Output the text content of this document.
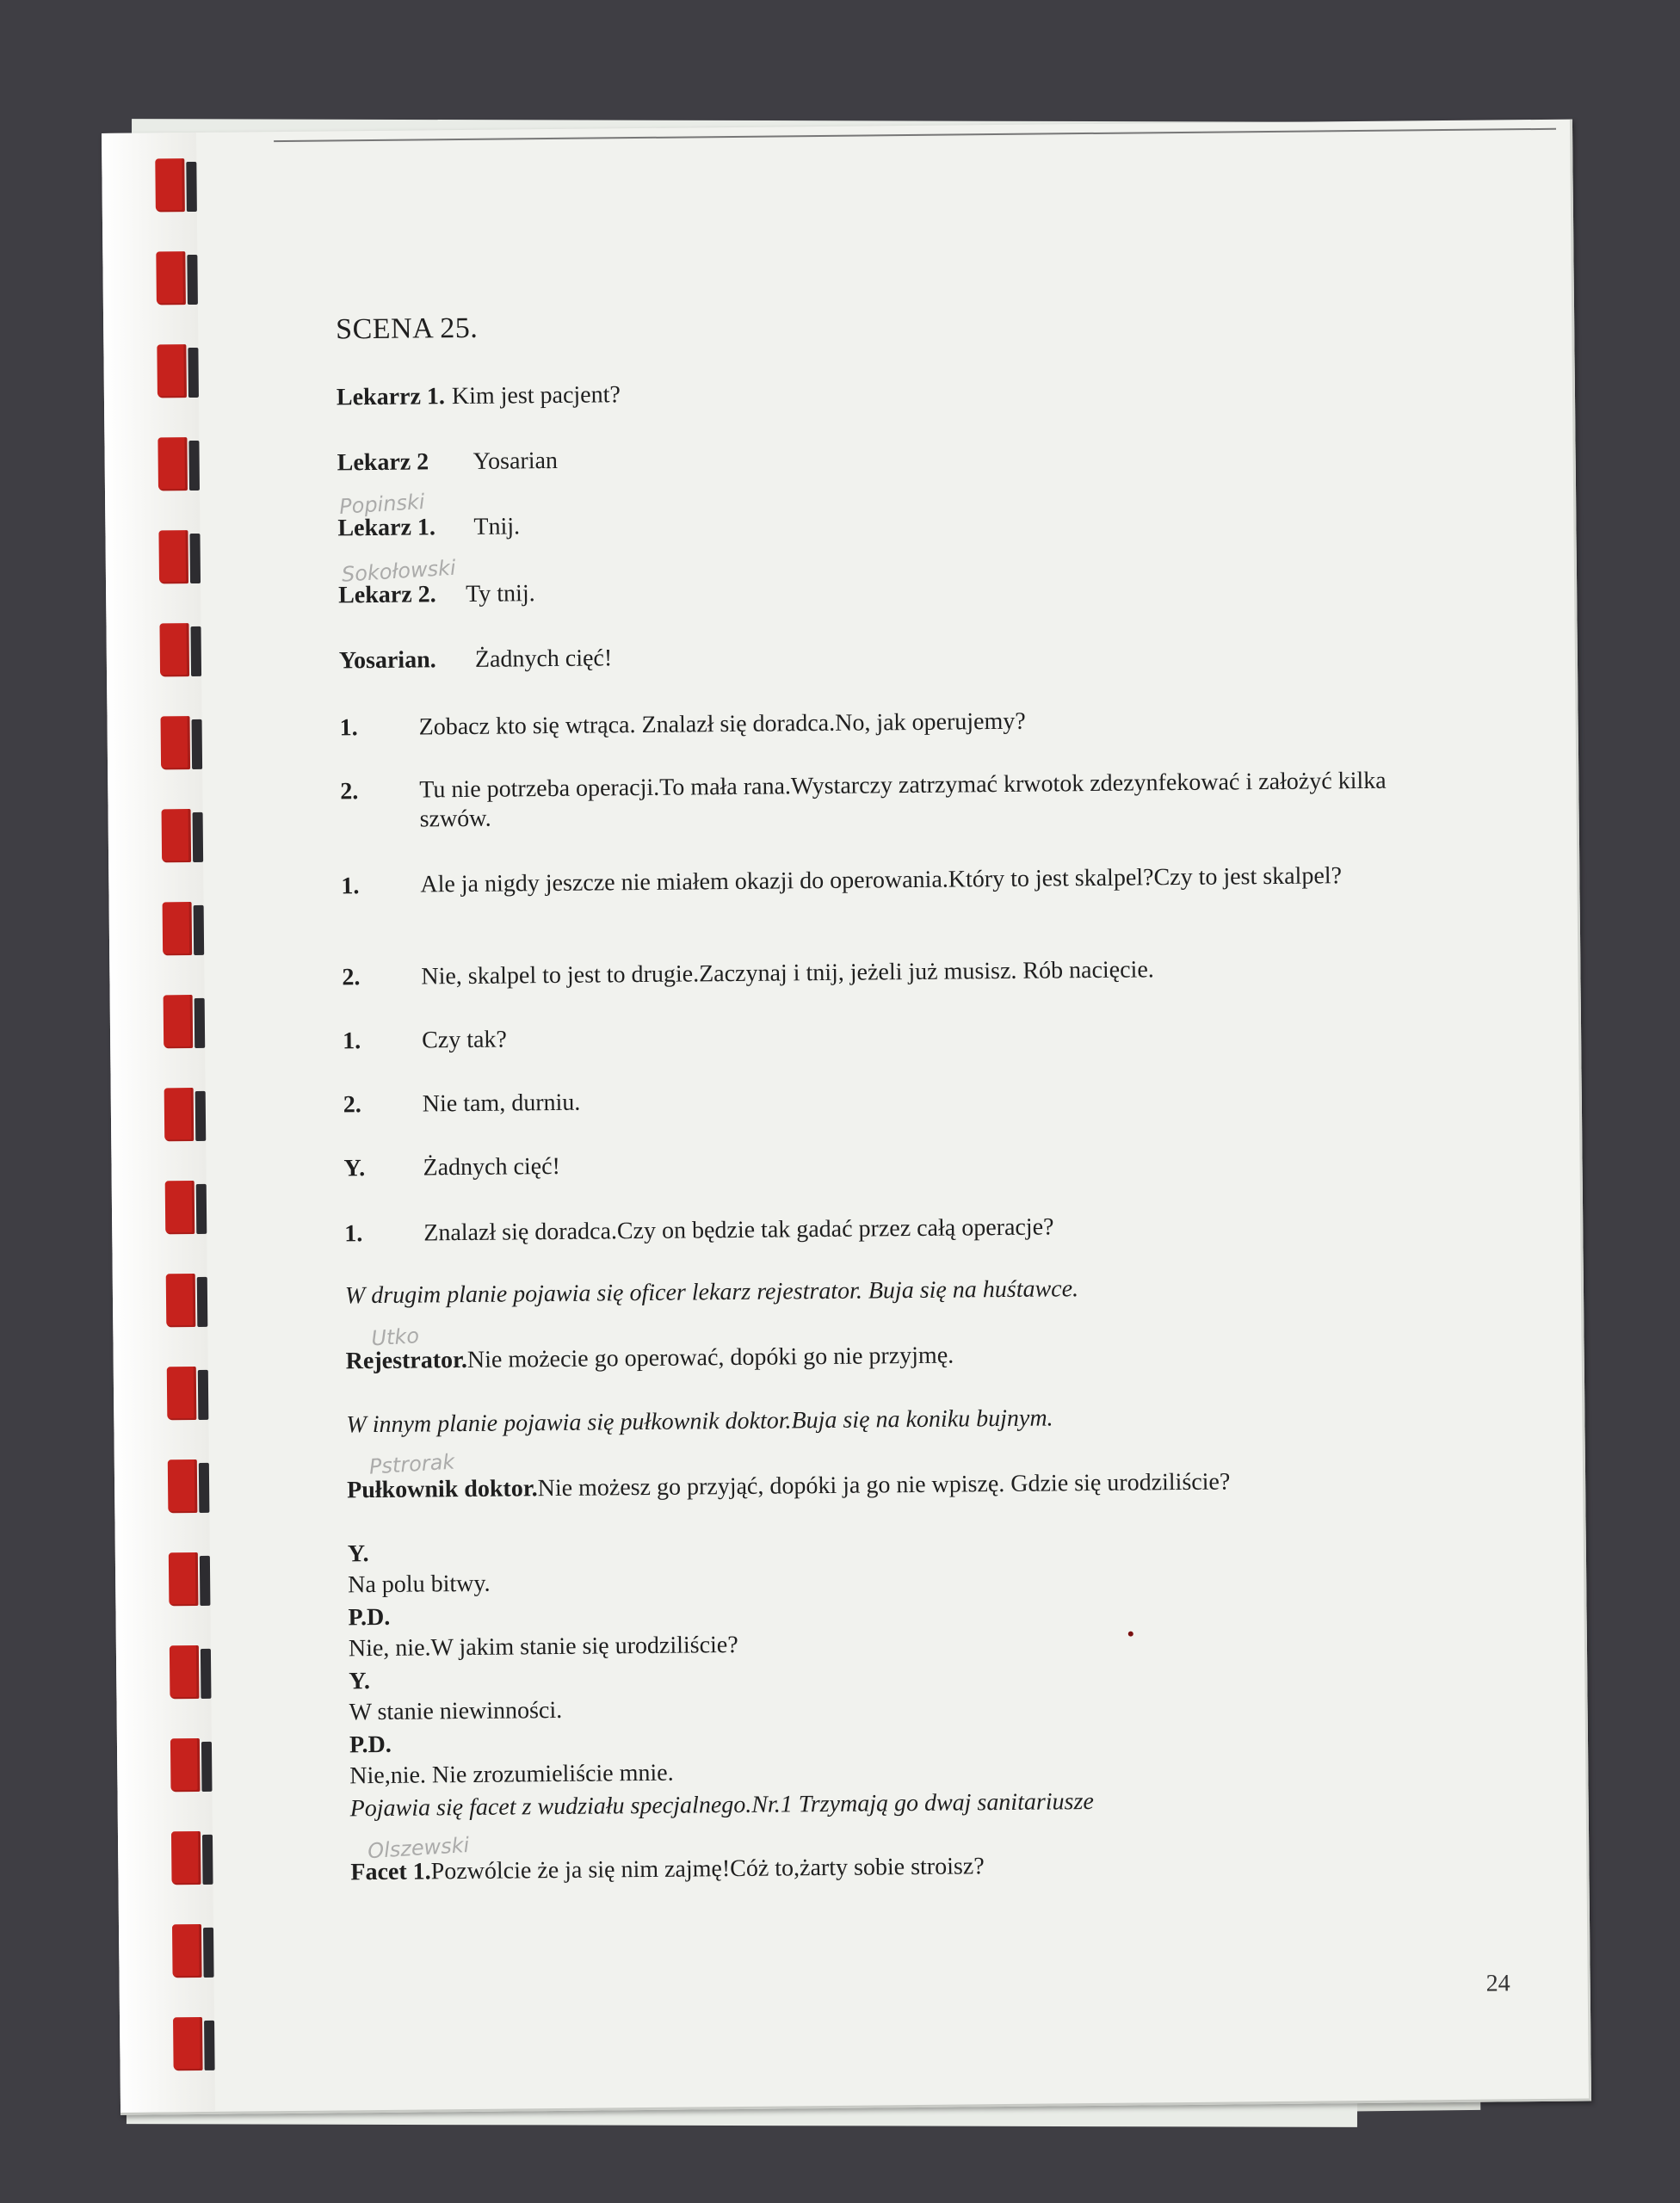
SCENA 25.
Lekarrz 1. Kim jest pacjent?
Lekarz 2 Yosarian
Popinski
Lekarz 1. Tnij.
Sokołowski
Lekarz 2. Ty tnij.
Yosarian. Żadnych cięć!
1.	Zobacz kto się wtrąca. Znalazł się doradca.No, jak operujemy?
2.	Tu nie potrzeba operacji.To mała rana.Wystarczy zatrzymać krwotok zdezynfekować i założyć kilka szwów.
1.	Ale ja nigdy jeszcze nie miałem okazji do operowania.Który to jest skalpel?Czy to jest skalpel?
2.	Nie, skalpel to jest to drugie.Zaczynaj i tnij, jeżeli już musisz. Rób nacięcie.
1.	Czy tak?
2.	Nie tam, durniu.
Y. Żadnych cięć!
1.	Znalazł się doradca.Czy on będzie tak gadać przez całą operacje?
W drugim planie pojawia się oficer lekarz rejestrator. Buja się na huśtawce.
Utko
Rejestrator.Nie możecie go operować, dopóki go nie przyjmę.
W innym planie pojawia się pułkownik doktor.Buja się na koniku bujnym.
Pstrorak
Pułkownik doktor.Nie możesz go przyjąć, dopóki ja go nie wpiszę. Gdzie się urodziliście?
Y.Na polu bitwy.
P.D.Nie, nie.W jakim stanie się urodziliście?
Y.W stanie niewinności.
P.D.Nie,nie. Nie zrozumieliście mnie.
Pojawia się facet z wudziału specjalnego.Nr.1 Trzymają go dwaj sanitariusze
Olszewski
Facet 1.Pozwólcie że ja się nim zajmę!Cóż to,żarty sobie stroisz?
24
